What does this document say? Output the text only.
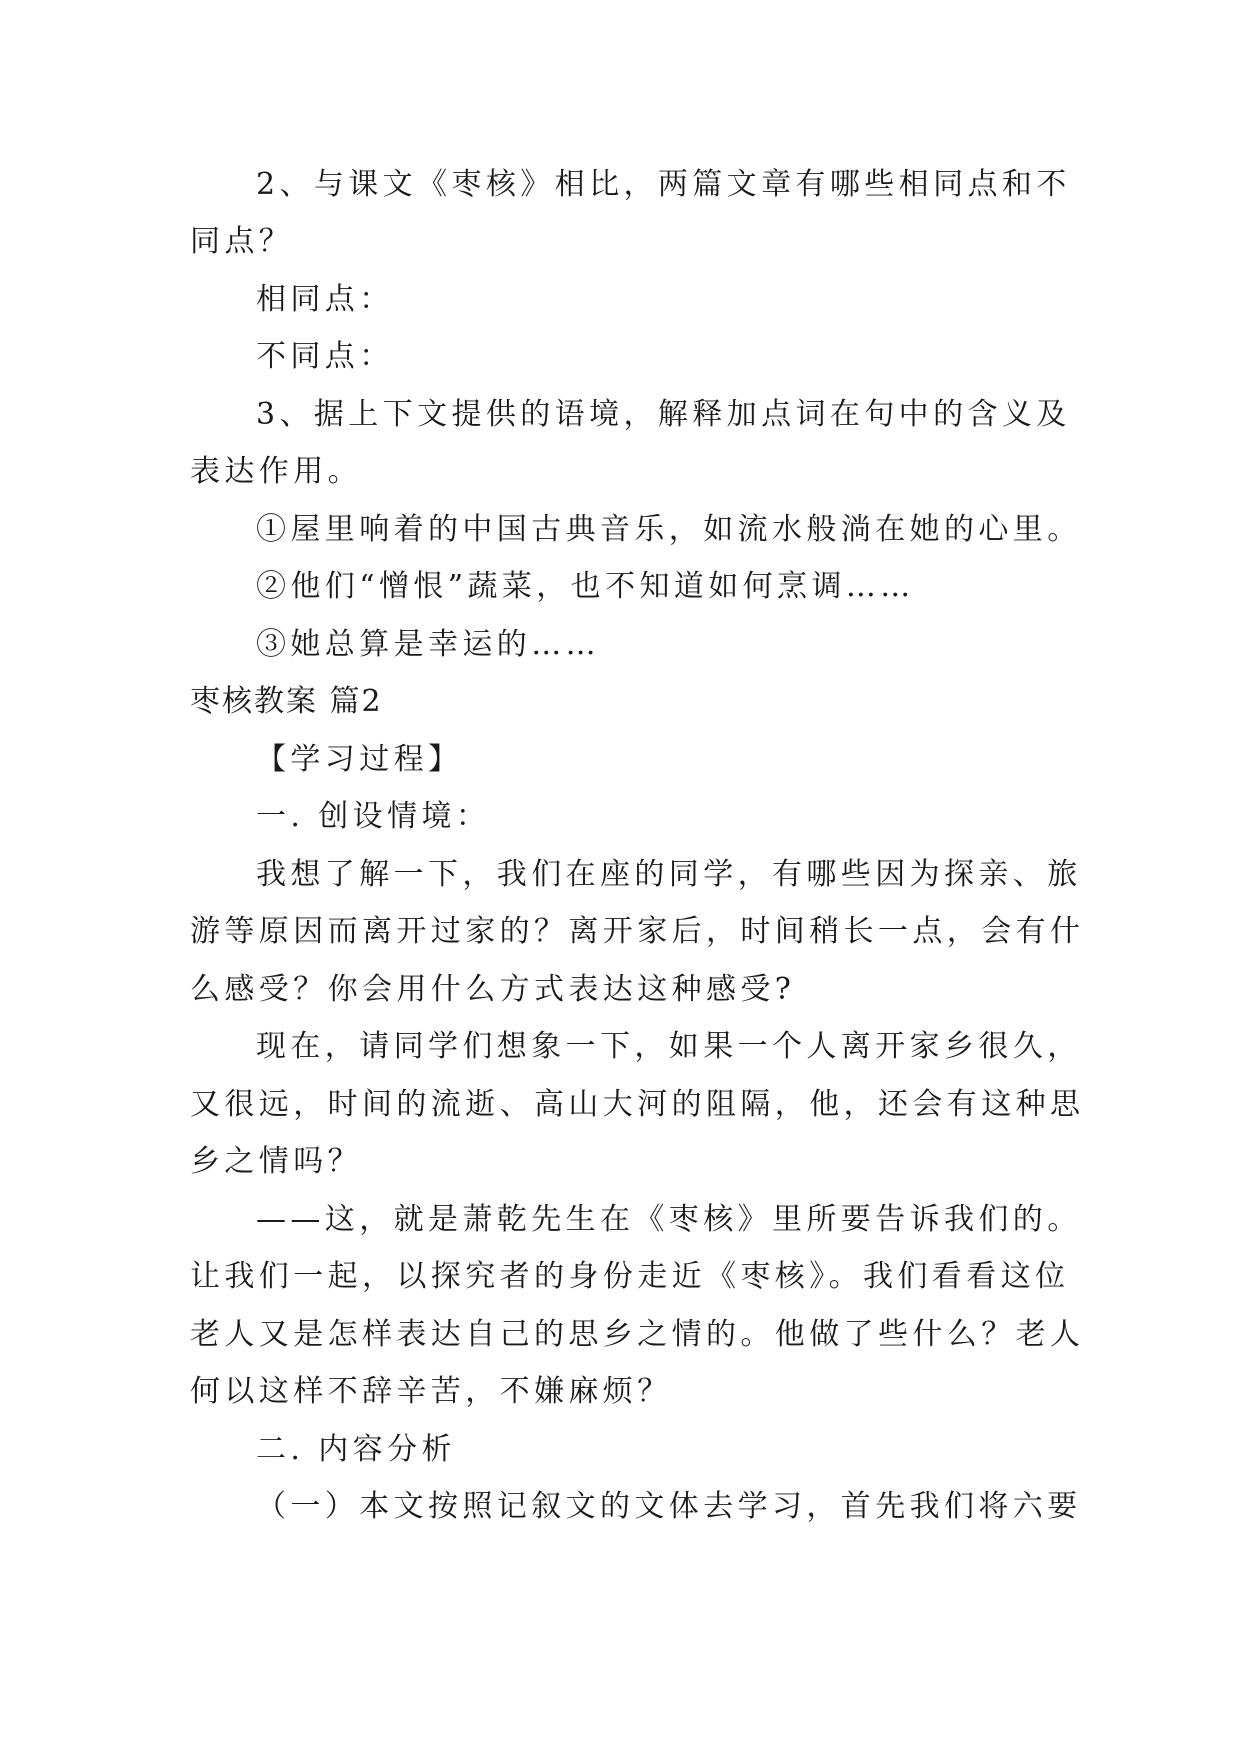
2、与课文《枣核》相比，两篇文章有哪些相同点和不
同点？
相同点：
不同点：
3、据上下文提供的语境，解释加点词在句中的含义及
表达作用。
①屋里响着的中国古典音乐，如流水般淌在她的心里。
②他们“憎恨”蔬菜，也不知道如何烹调……
③她总算是幸运的……
枣核教案 篇2
【学习过程】
一. 创设情境：
我想了解一下，我们在座的同学，有哪些因为探亲、旅
游等原因而离开过家的？离开家后，时间稍长一点，会有什
么感受？你会用什么方式表达这种感受?
现在，请同学们想象一下，如果一个人离开家乡很久，
又很远，时间的流逝、高山大河的阻隔，他，还会有这种思
乡之情吗？
——这，就是萧乾先生在《枣核》里所要告诉我们的。
让我们一起，以探究者的身份走近《枣核》。我们看看这位
老人又是怎样表达自己的思乡之情的。他做了些什么？老人
何以这样不辞辛苦，不嫌麻烦？
二. 内容分析
（一）本文按照记叙文的文体去学习，首先我们将六要
